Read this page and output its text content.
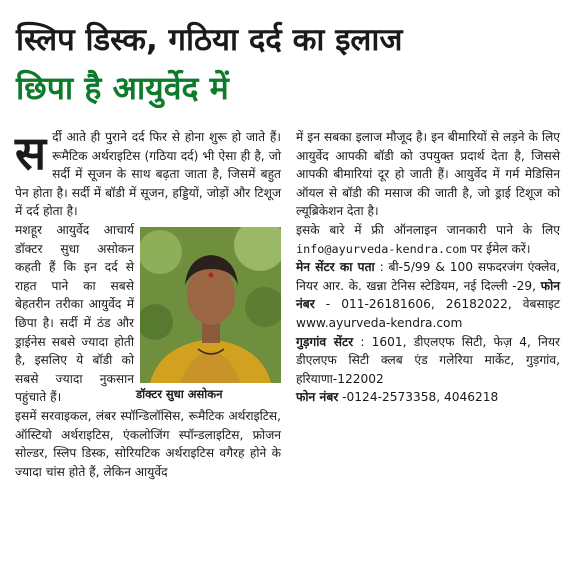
स्लिप डिस्क, गठिया दर्द का इलाज
छिपा है आयुर्वेद में

स र्दी आते ही पुराने दर्द फिर से होना शुरू हो जाते हैं। रूमैटिक अर्थराइटिस (गठिया दर्द) भी ऐसा ही है, जो सर्दी में सूजन के साथ बढ़ता जाता है, जिसमें बहुत पेन होता है। सर्दी में बॉडी में सूजन, हड्डियों, जोड़ों और टिशूज में दर्द होता है।

डॉक्टर सुधा असोकन
मशहूर आयुर्वेद आचार्य डॉक्टर सुधा असोकन कहती हैं कि इन दर्द से राहत पाने का सबसे बेहतरीन तरीका आयुर्वेद में छिपा है। सर्दी में ठंड और ड्राईनेस सबसे ज्यादा होती है, इसलिए ये बॉडी को सबसे ज्यादा नुकसान पहुंचाते हैं।

इसमें सरवाइकल, लंबर स्पॉन्डिलॉसिस, रूमैटिक अर्थराइटिस, ऑस्टियो अर्थराइटिस, एंकलोजिंग स्पॉन्डलाइटिस, फ्रोजन सोल्डर, स्लिप डिस्क, सोरियटिक अर्थराइटिस वगैरह होने के ज्यादा चांस होते हैं, लेकिन आयुर्वेद

में इन सबका इलाज मौजूद है। इन बीमारियों से लड़ने के लिए आयुर्वेद आपकी बॉडी को उपयुक्त प्रदार्थ देता है, जिससे आपकी बीमारियां दूर हो जाती हैं। आयुर्वेद में गर्म मेडिसिन ऑयल से बॉडी की मसाज की जाती है, जो ड्राई टिशूज को ल्यूब्रिकेशन देता है।

इसके बारे में फ्री ऑनलाइन जानकारी पाने के लिए info@ayurveda-kendra.com पर ईमेल करें।

मेन सेंटर का पता : बी-5/99 & 100 सफदरजंग एंक्लेव, नियर आर. के. खन्ना टेनिस स्टेडियम, नई दिल्ली -29, फोन नंबर - 011-26181606, 26182022, वेबसाइट www.ayurveda-kendra.com

गुड़गांव सेंटर : 1601, डीएलएफ सिटी, फेज़ 4, नियर डीएलएफ सिटी क्लब एंड गलेरिया मार्केट, गुड़गांव, हरियाणा-122002

फोन नंबर -0124-2573358, 4046218
